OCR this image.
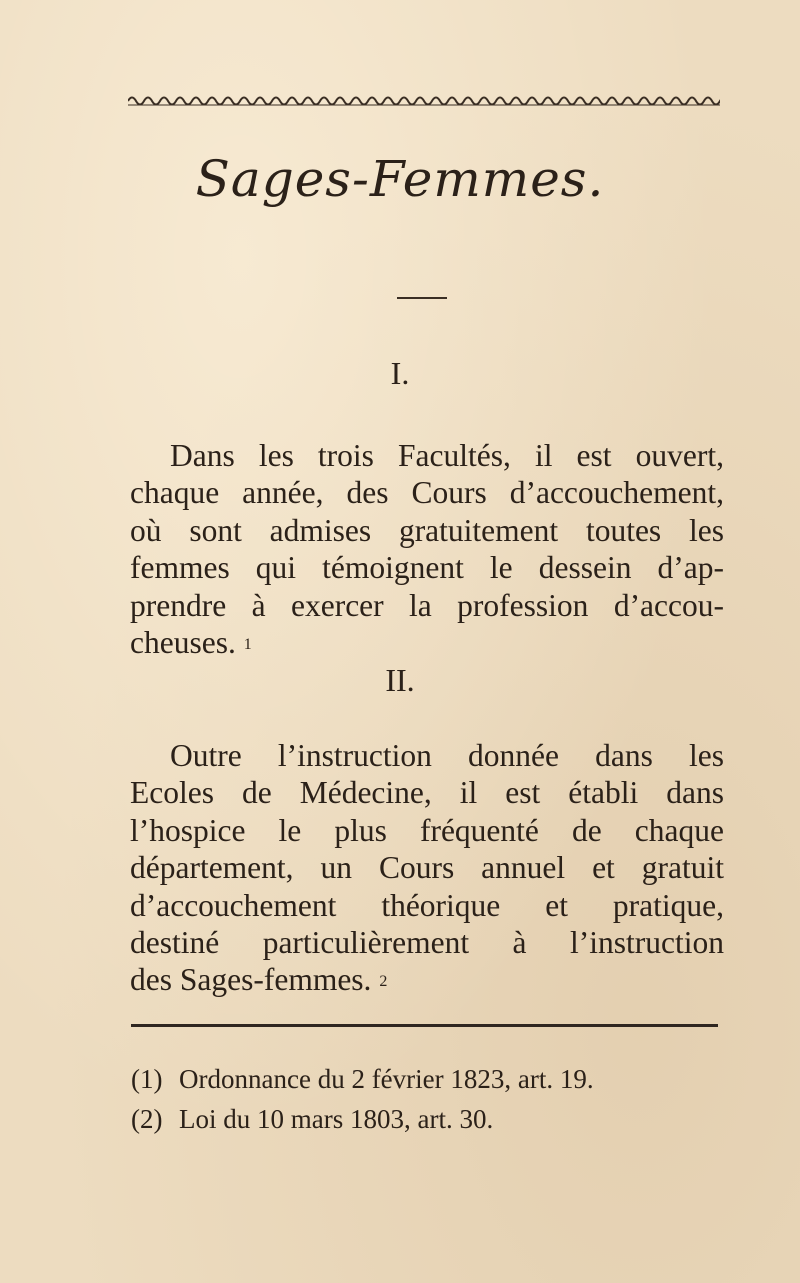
Sages-Femmes.
I.
Dans les trois Facultés, il est ouvert,
chaque année, des Cours d’accouchement,
où sont admises gratuitement toutes les
femmes qui témoignent le dessein d’ap-
prendre à exercer la profession d’accou-
cheuses. $^1$
II.
Outre l’instruction donnée dans les
Ecoles de Médecine, il est établi dans
l’hospice le plus fréquenté de chaque
département, un Cours annuel et gratuit
d’accouchement théorique et pratique,
destiné particulièrement à l’instruction
des Sages-femmes. $^2$
(1) Ordonnance du 2 février 1823, art. 19.
(2) Loi du 10 mars 1803, art. 30.
